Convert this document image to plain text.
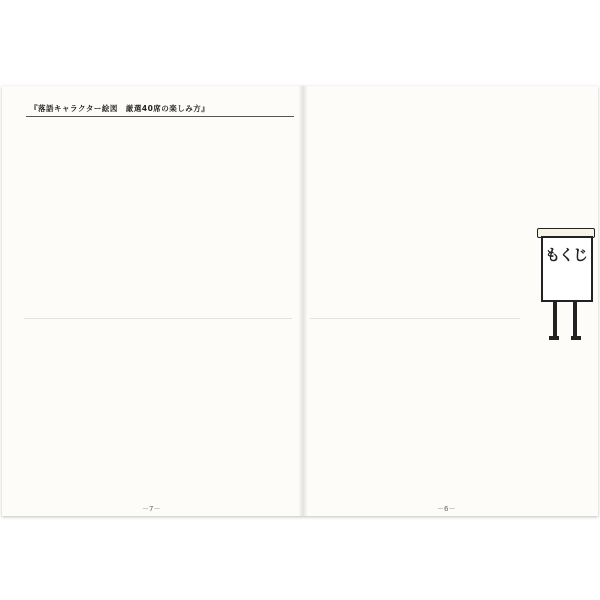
『落語キャラクター絵図　厳選40席の楽しみ方』
－7－	－6－
もくじ
